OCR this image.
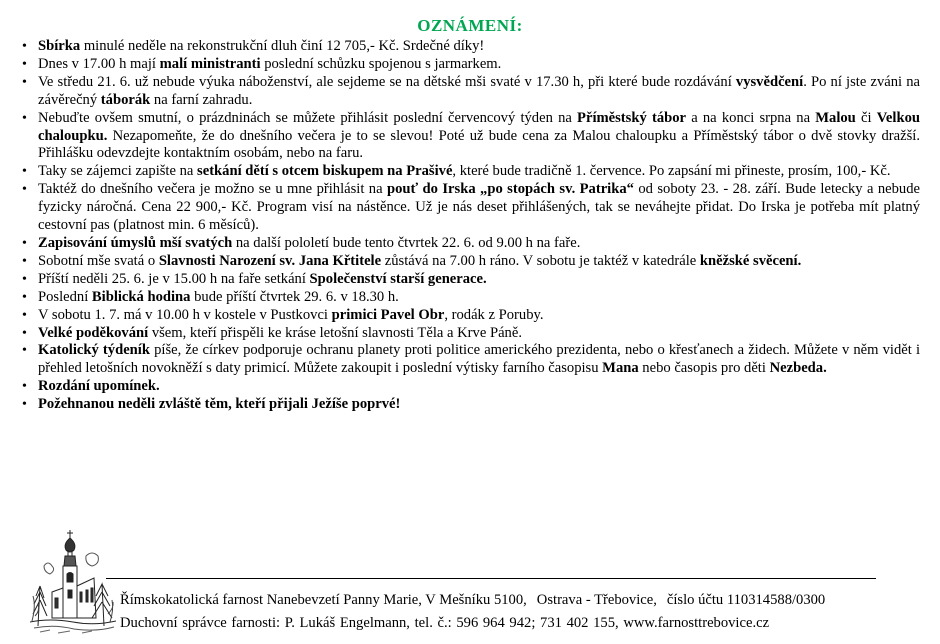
OZNÁMENÍ:
• Sbírka minulé neděle na rekonstrukční dluh činí 12 705,- Kč. Srdečné díky!
• Dnes v 17.00 h mají malí ministranti poslední schůzku spojenou s jarmarkem.
• Ve středu 21. 6. už nebude výuka náboženství, ale sejdeme se na dětské mši svaté v 17.30 h, při které bude rozdávání vysvědčení. Po ní jste zváni na závěrečný táborák na farní zahradu.
• Nebuďte ovšem smutní, o prázdninách se můžete přihlásit poslední červencový týden na Příměstský tábor a na konci srpna na Malou či Velkou chaloupku. Nezapomeňte, že do dnešního večera je to se slevou! Poté už bude cena za Malou chaloupku a Příměstský tábor o dvě stovky dražší. Přihlášku odevzdejte kontaktním osobám, nebo na faru.
• Taky se zájemci zapište na setkání dětí s otcem biskupem na Prašivé, které bude tradičně 1. července. Po zapsání mi přineste, prosím, 100,- Kč.
• Taktéž do dnešního večera je možno se u mne přihlásit na pouť do Irska „po stopách sv. Patrika“ od soboty 23. - 28. září. Bude letecky a nebude fyzicky náročná. Cena 22 900,- Kč. Program visí na nástěnce. Už je nás deset přihlášených, tak se neváhejte přidat. Do Irska je potřeba mít platný cestovní pas (platnost min. 6 měsíců).
• Zapisování úmyslů mší svatých na další pololetí bude tento čtvrtek 22. 6. od 9.00 h na faře.
• Sobotní mše svatá o Slavnosti Narození sv. Jana Křtitele zůstává na 7.00 h ráno. V sobotu je taktéž v katedrále kněžské svěcení.
• Příští neděli 25. 6. je v 15.00 h na faře setkání Společenství starší generace.
• Poslední Biblická hodina bude příští čtvrtek 29. 6. v 18.30 h.
• V sobotu 1. 7. má v 10.00 h v kostele v Pustkovci primici Pavel Obr, rodák z Poruby.
• Velké poděkování všem, kteří přispěli ke kráse letošní slavnosti Těla a Krve Páně.
• Katolický týdeník píše, že církev podporuje ochranu planety proti politice amerického prezidenta, nebo o křesťanech a židech. Můžete v něm vidět i přehled letošních novokněží s daty primicí. Můžete zakoupit i poslední výtisky farního časopisu Mana nebo časopis pro děti Nezbeda.
• Rozdání upomínek.
• Požehnanou neděli zvláště těm, kteří přijali Ježíše poprvé!
Římskokatolická farnost Nanebevzetí Panny Marie, V Mešníku 5100, Ostrava - Třebovice, číslo účtu 110314588/0300
Duchovní správce farnosti: P. Lukáš Engelmann, tel. č.: 596 964 942; 731 402 155, www.farnosttrebovice.cz
